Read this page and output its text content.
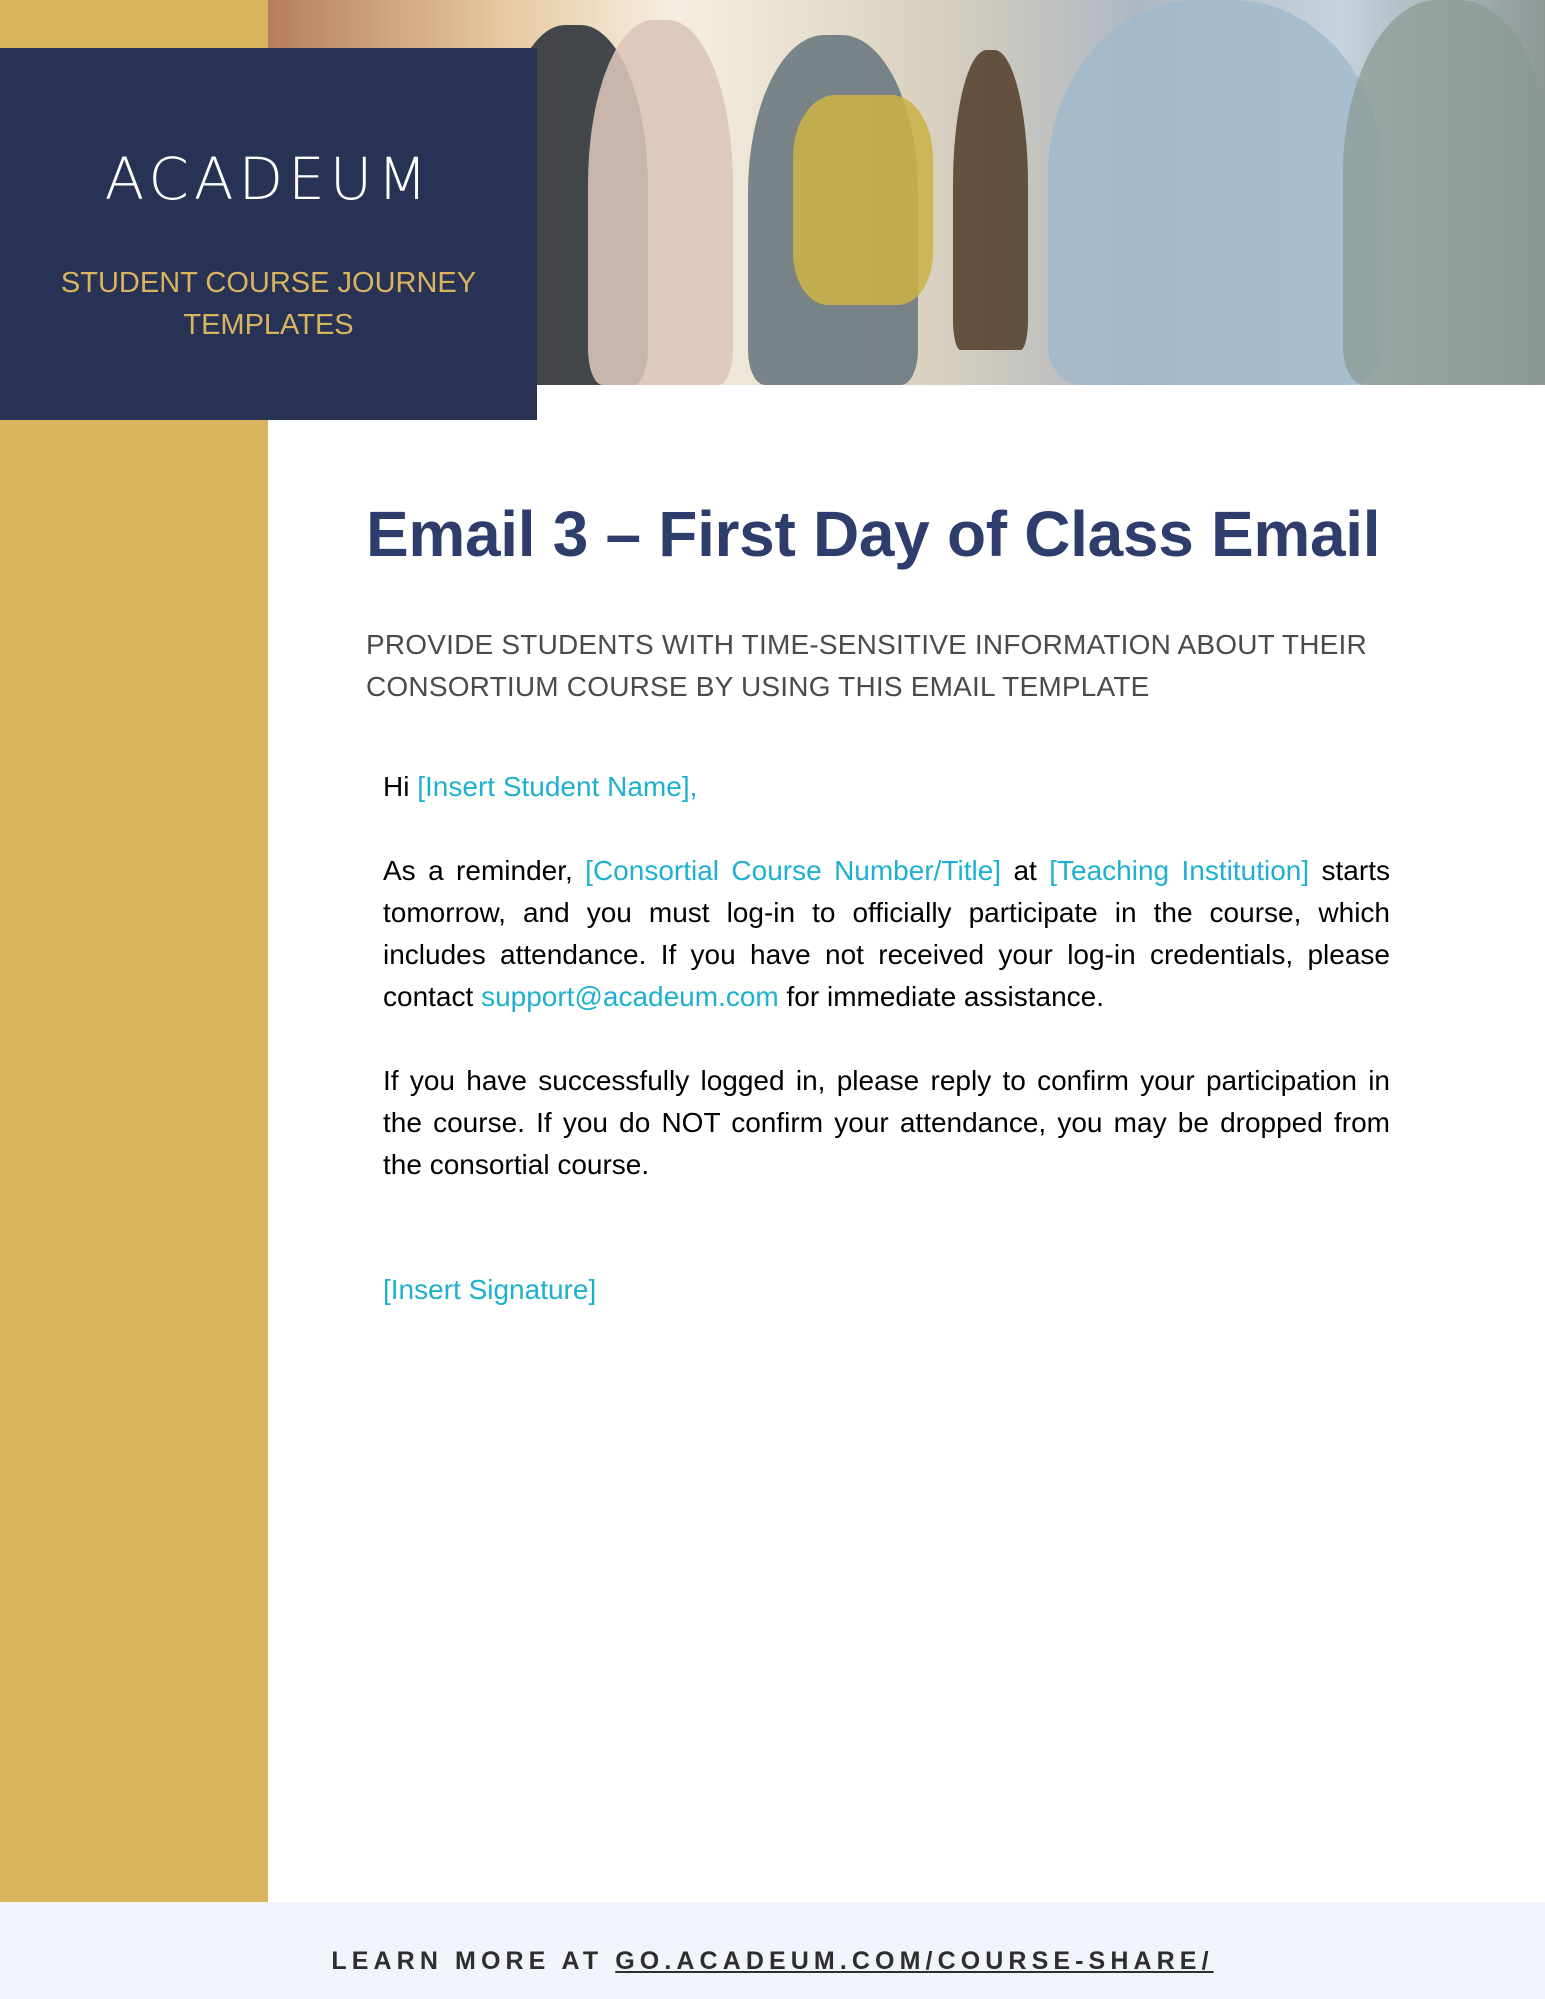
ACADEUM
STUDENT COURSE JOURNEY
TEMPLATES
Email 3 – First Day of Class Email
PROVIDE STUDENTS WITH TIME-SENSITIVE INFORMATION ABOUT THEIR
CONSORTIUM COURSE BY USING THIS EMAIL TEMPLATE

Hi [Insert Student Name],

As a reminder, [Consortial Course Number/Title] at [Teaching Institution] starts tomorrow, and you must log-in to officially participate in the course, which includes attendance. If you have not received your log-in credentials, please contact support@acadeum.com for immediate assistance.

If you have successfully logged in, please reply to confirm your participation in the course. If you do NOT confirm your attendance, you may be dropped from the consortial course.

[Insert Signature]

LEARN MORE AT GO.ACADEUM.COM/COURSE-SHARE/
